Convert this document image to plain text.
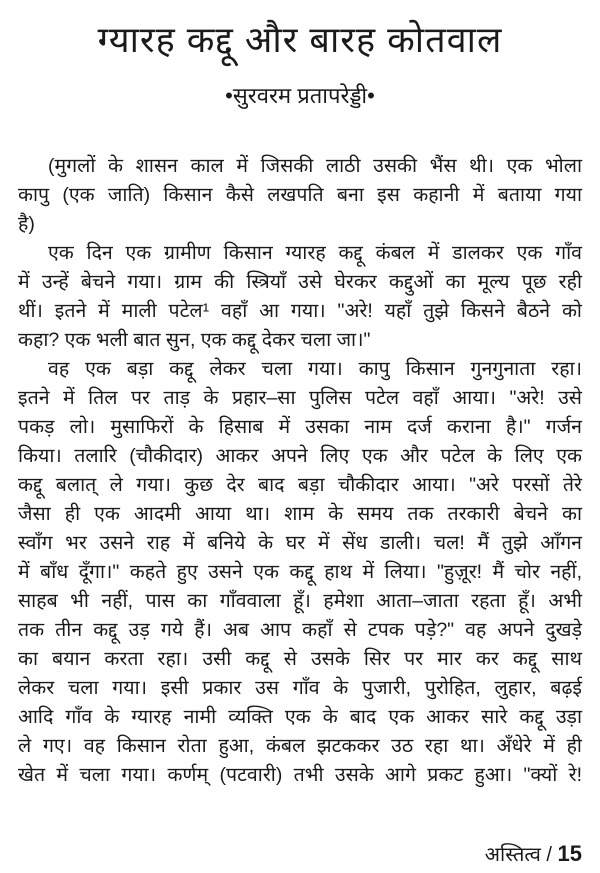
ग्यारह कद्दू और बारह कोतवाल
•सुरवरम प्रतापरेड्डी•
(मुगलों के शासन काल में जिसकी लाठी उसकी भैंस थी। एक भोला
कापु (एक जाति) किसान कैसे लखपति बना इस कहानी में बताया गया
है)
एक दिन एक ग्रामीण किसान ग्यारह कद्दू कंबल में डालकर एक गाँव
में उन्हें बेचने गया। ग्राम की स्त्रियाँ उसे घेरकर कद्दुओं का मूल्य पूछ रही
थीं। इतने में माली पटेल¹ वहाँ आ गया। "अरे! यहाँ तुझे किसने बैठने को
कहा? एक भली बात सुन, एक कद्दू देकर चला जा।"
वह एक बड़ा कद्दू लेकर चला गया। कापु किसान गुनगुनाता रहा।
इतने में तिल पर ताड़ के प्रहार–सा पुलिस पटेल वहाँ आया। "अरे! उसे
पकड़ लो। मुसाफिरों के हिसाब में उसका नाम दर्ज कराना है।" गर्जन
किया। तलारि (चौकीदार) आकर अपने लिए एक और पटेल के लिए एक
कद्दू बलात् ले गया। कुछ देर बाद बड़ा चौकीदार आया। "अरे परसों तेरे
जैसा ही एक आदमी आया था। शाम के समय तक तरकारी बेचने का
स्वाँग भर उसने राह में बनिये के घर में सेंध डाली। चल! मैं तुझे आँगन
में बाँध दूँगा।" कहते हुए उसने एक कद्दू हाथ में लिया। "हुज़ूर! मैं चोर नहीं,
साहब भी नहीं, पास का गाँववाला हूँ। हमेशा आता–जाता रहता हूँ। अभी
तक तीन कद्दू उड़ गये हैं। अब आप कहाँ से टपक पड़े?" वह अपने दुखड़े
का बयान करता रहा। उसी कद्दू से उसके सिर पर मार कर कद्दू साथ
लेकर चला गया। इसी प्रकार उस गाँव के पुजारी, पुरोहित, लुहार, बढ़ई
आदि गाँव के ग्यारह नामी व्यक्ति एक के बाद एक आकर सारे कद्दू उड़ा
ले गए। वह किसान रोता हुआ, कंबल झटककर उठ रहा था। अँधेरे में ही
खेत में चला गया। कर्णम् (पटवारी) तभी उसके आगे प्रकट हुआ। "क्यों रे!
अस्तित्व / 15
